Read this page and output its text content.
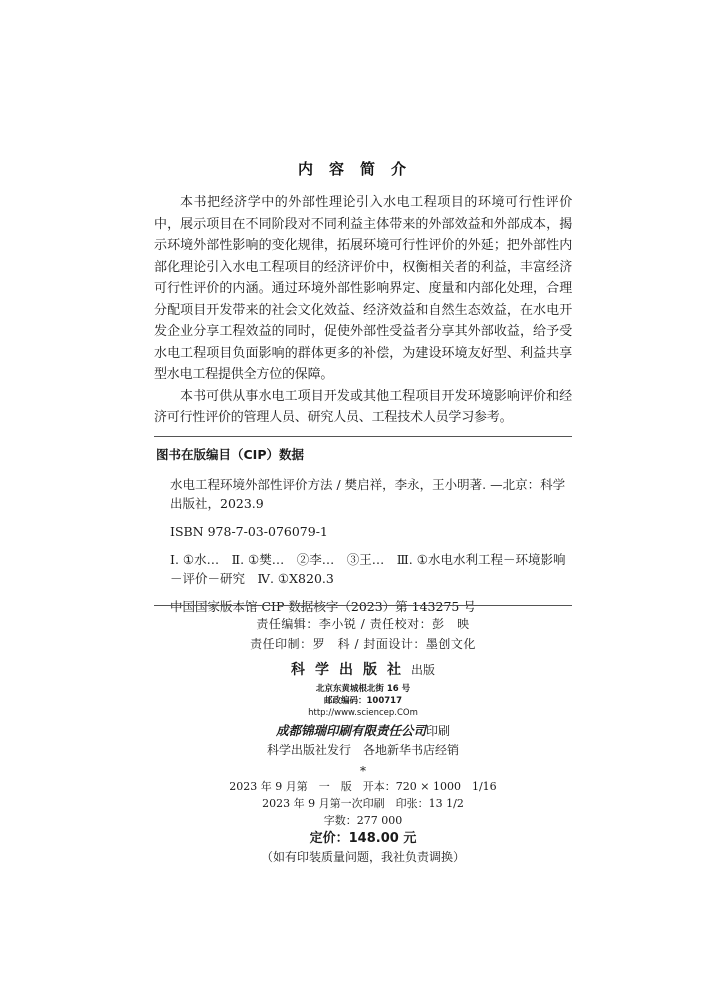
内容简介

本书把经济学中的外部性理论引入水电工程项目的环境可行性评价中，展示项目在不同阶段对不同利益主体带来的外部效益和外部成本，揭示环境外部性影响的变化规律，拓展环境可行性评价的外延；把外部性内部化理论引入水电工程项目的经济评价中，权衡相关者的利益，丰富经济可行性评价的内涵。通过环境外部性影响界定、度量和内部化处理，合理分配项目开发带来的社会文化效益、经济效益和自然生态效益，在水电开发企业分享工程效益的同时，促使外部性受益者分享其外部收益，给予受水电工程项目负面影响的群体更多的补偿，为建设环境友好型、利益共享型水电工程提供全方位的保障。

本书可供从事水电工项目开发或其他工程项目开发环境影响评价和经济可行性评价的管理人员、研究人员、工程技术人员学习参考。

图书在版编目（CIP）数据

水电工程环境外部性评价方法 / 樊启祥，李永，王小明著. —北京：科学出版社，2023.9

ISBN 978-7-03-076079-1

Ⅰ. ①水…　Ⅱ. ①樊…　②李…　③王…　Ⅲ. ①水电水利工程－环境影响－评价－研究　Ⅳ. ①X820.3

中国国家版本馆 CIP 数据核字（2023）第 143275 号

责任编辑：李小锐 / 责任校对：彭　映
责任印制：罗　科 / 封面设计：墨创文化
科学出版社出版
北京东黄城根北街 16 号
邮政编码：100717
http://www.sciencep.COm
成都锦瑞印刷有限责任公司印刷
科学出版社发行　各地新华书店经销
*
2023 年 9 月第　一　版　开本：720 × 1000　1/16
2023 年 9 月第一次印刷　印张：13 1/2
字数：277 000
定价：148.00 元
（如有印装质量问题，我社负责调换）
